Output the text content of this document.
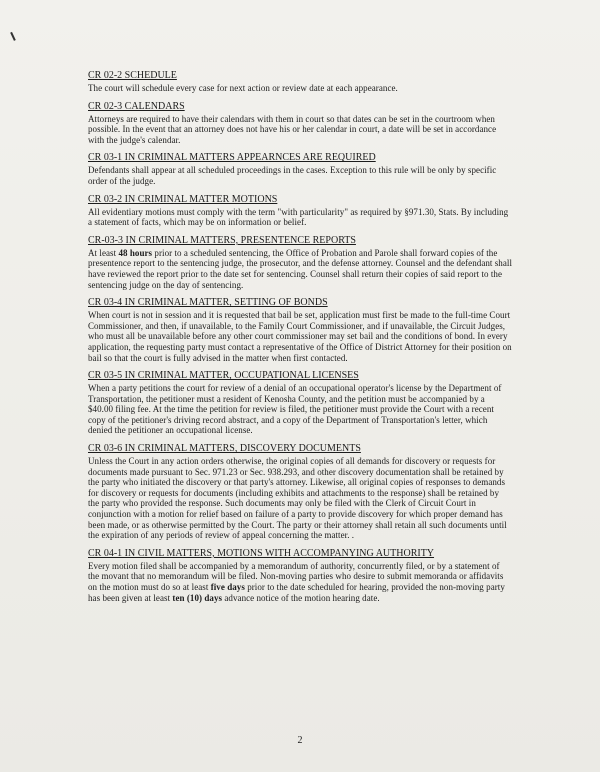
CR 02-2 SCHEDULE

The court will schedule every case for next action or review date at each appearance.

CR 02-3 CALENDARS

Attorneys are required to have their calendars with them in court so that dates can be set in the courtroom when possible. In the event that an attorney does not have his or her calendar in court, a date will be set in accordance with the judge's calendar.

CR 03-1 IN CRIMINAL MATTERS APPEARNCES ARE REQUIRED

Defendants shall appear at all scheduled proceedings in the cases. Exception to this rule will be only by specific order of the judge.

CR 03-2 IN CRIMINAL MATTER MOTIONS

All evidentiary motions must comply with the term "with particularity" as required by §971.30, Stats. By including a statement of facts, which may be on information or belief.

CR-03-3 IN CRIMINAL MATTERS, PRESENTENCE REPORTS

At least 48 hours prior to a scheduled sentencing, the Office of Probation and Parole shall forward copies of the presentence report to the sentencing judge, the prosecutor, and the defense attorney. Counsel and the defendant shall have reviewed the report prior to the date set for sentencing. Counsel shall return their copies of said report to the sentencing judge on the day of sentencing.

CR 03-4 IN CRIMINAL MATTER, SETTING OF BONDS

When court is not in session and it is requested that bail be set, application must first be made to the full-time Court Commissioner, and then, if unavailable, to the Family Court Commissioner, and if unavailable, the Circuit Judges, who must all be unavailable before any other court commissioner may set bail and the conditions of bond. In every application, the requesting party must contact a representative of the Office of District Attorney for their position on bail so that the court is fully advised in the matter when first contacted.

CR 03-5 IN CRIMINAL MATTER, OCCUPATIONAL LICENSES

When a party petitions the court for review of a denial of an occupational operator's license by the Department of Transportation, the petitioner must a resident of Kenosha County, and the petition must be accompanied by a $40.00 filing fee. At the time the petition for review is filed, the petitioner must provide the Court with a recent copy of the petitioner's driving record abstract, and a copy of the Department of Transportation's letter, which denied the petitioner an occupational license.

CR 03-6 IN CRIMINAL MATTERS, DISCOVERY DOCUMENTS

Unless the Court in any action orders otherwise, the original copies of all demands for discovery or requests for documents made pursuant to Sec. 971.23 or Sec. 938.293, and other discovery documentation shall be retained by the party who initiated the discovery or that party's attorney. Likewise, all original copies of responses to demands for discovery or requests for documents (including exhibits and attachments to the response) shall be retained by the party who provided the response. Such documents may only be filed with the Clerk of Circuit Court in conjunction with a motion for relief based on failure of a party to provide discovery for which proper demand has been made, or as otherwise permitted by the Court. The party or their attorney shall retain all such documents until the expiration of any periods of review of appeal concerning the matter. .

CR 04-1 IN CIVIL MATTERS, MOTIONS WITH ACCOMPANYING AUTHORITY

Every motion filed shall be accompanied by a memorandum of authority, concurrently filed, or by a statement of the movant that no memorandum will be filed. Non-moving parties who desire to submit memoranda or affidavits on the motion must do so at least five days prior to the date scheduled for hearing, provided the non-moving party has been given at least ten (10) days advance notice of the motion hearing date.

2
